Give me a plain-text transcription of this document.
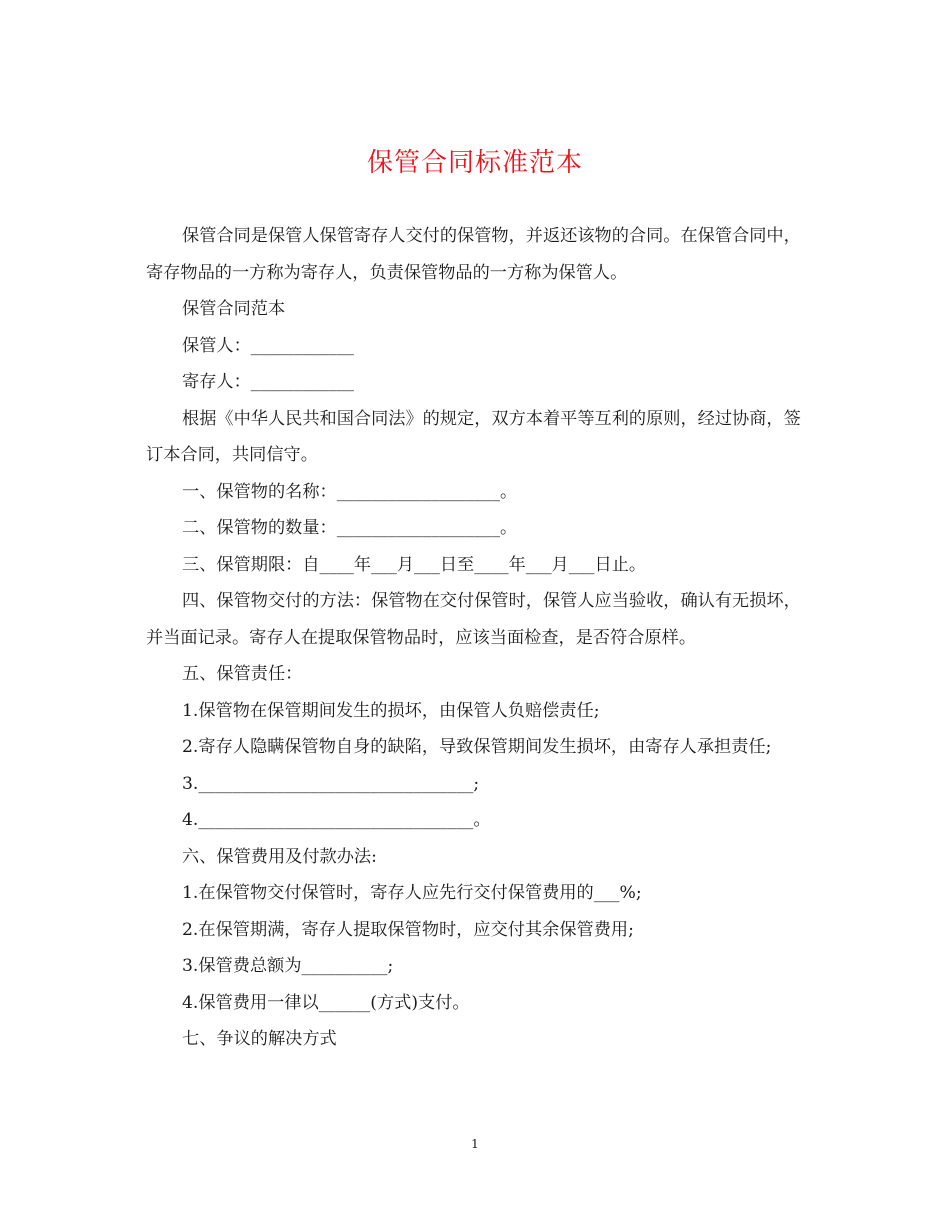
保管合同标准范本

保管合同是保管人保管寄存人交付的保管物，并返还该物的合同。在保管合同中，寄存物品的一方称为寄存人，负责保管物品的一方称为保管人。

保管合同范本

保管人：____________

寄存人：____________

根据《中华人民共和国合同法》的规定，双方本着平等互利的原则，经过协商，签订本合同，共同信守。

一、保管物的名称：___________________。

二、保管物的数量：___________________。

三、保管期限：自____年___月___日至____年___月___日止。

四、保管物交付的方法：保管物在交付保管时，保管人应当验收，确认有无损坏，并当面记录。寄存人在提取保管物品时，应该当面检查，是否符合原样。

五、保管责任：

1.保管物在保管期间发生的损坏，由保管人负赔偿责任;

2.寄存人隐瞒保管物自身的缺陷，导致保管期间发生损坏，由寄存人承担责任;

3.________________________________;

4.________________________________。

六、保管费用及付款办法:

1.在保管物交付保管时，寄存人应先行交付保管费用的___%;

2.在保管期满，寄存人提取保管物时，应交付其余保管费用;

3.保管费总额为__________;

4.保管费用一律以______(方式)支付。

七、争议的解决方式

1
